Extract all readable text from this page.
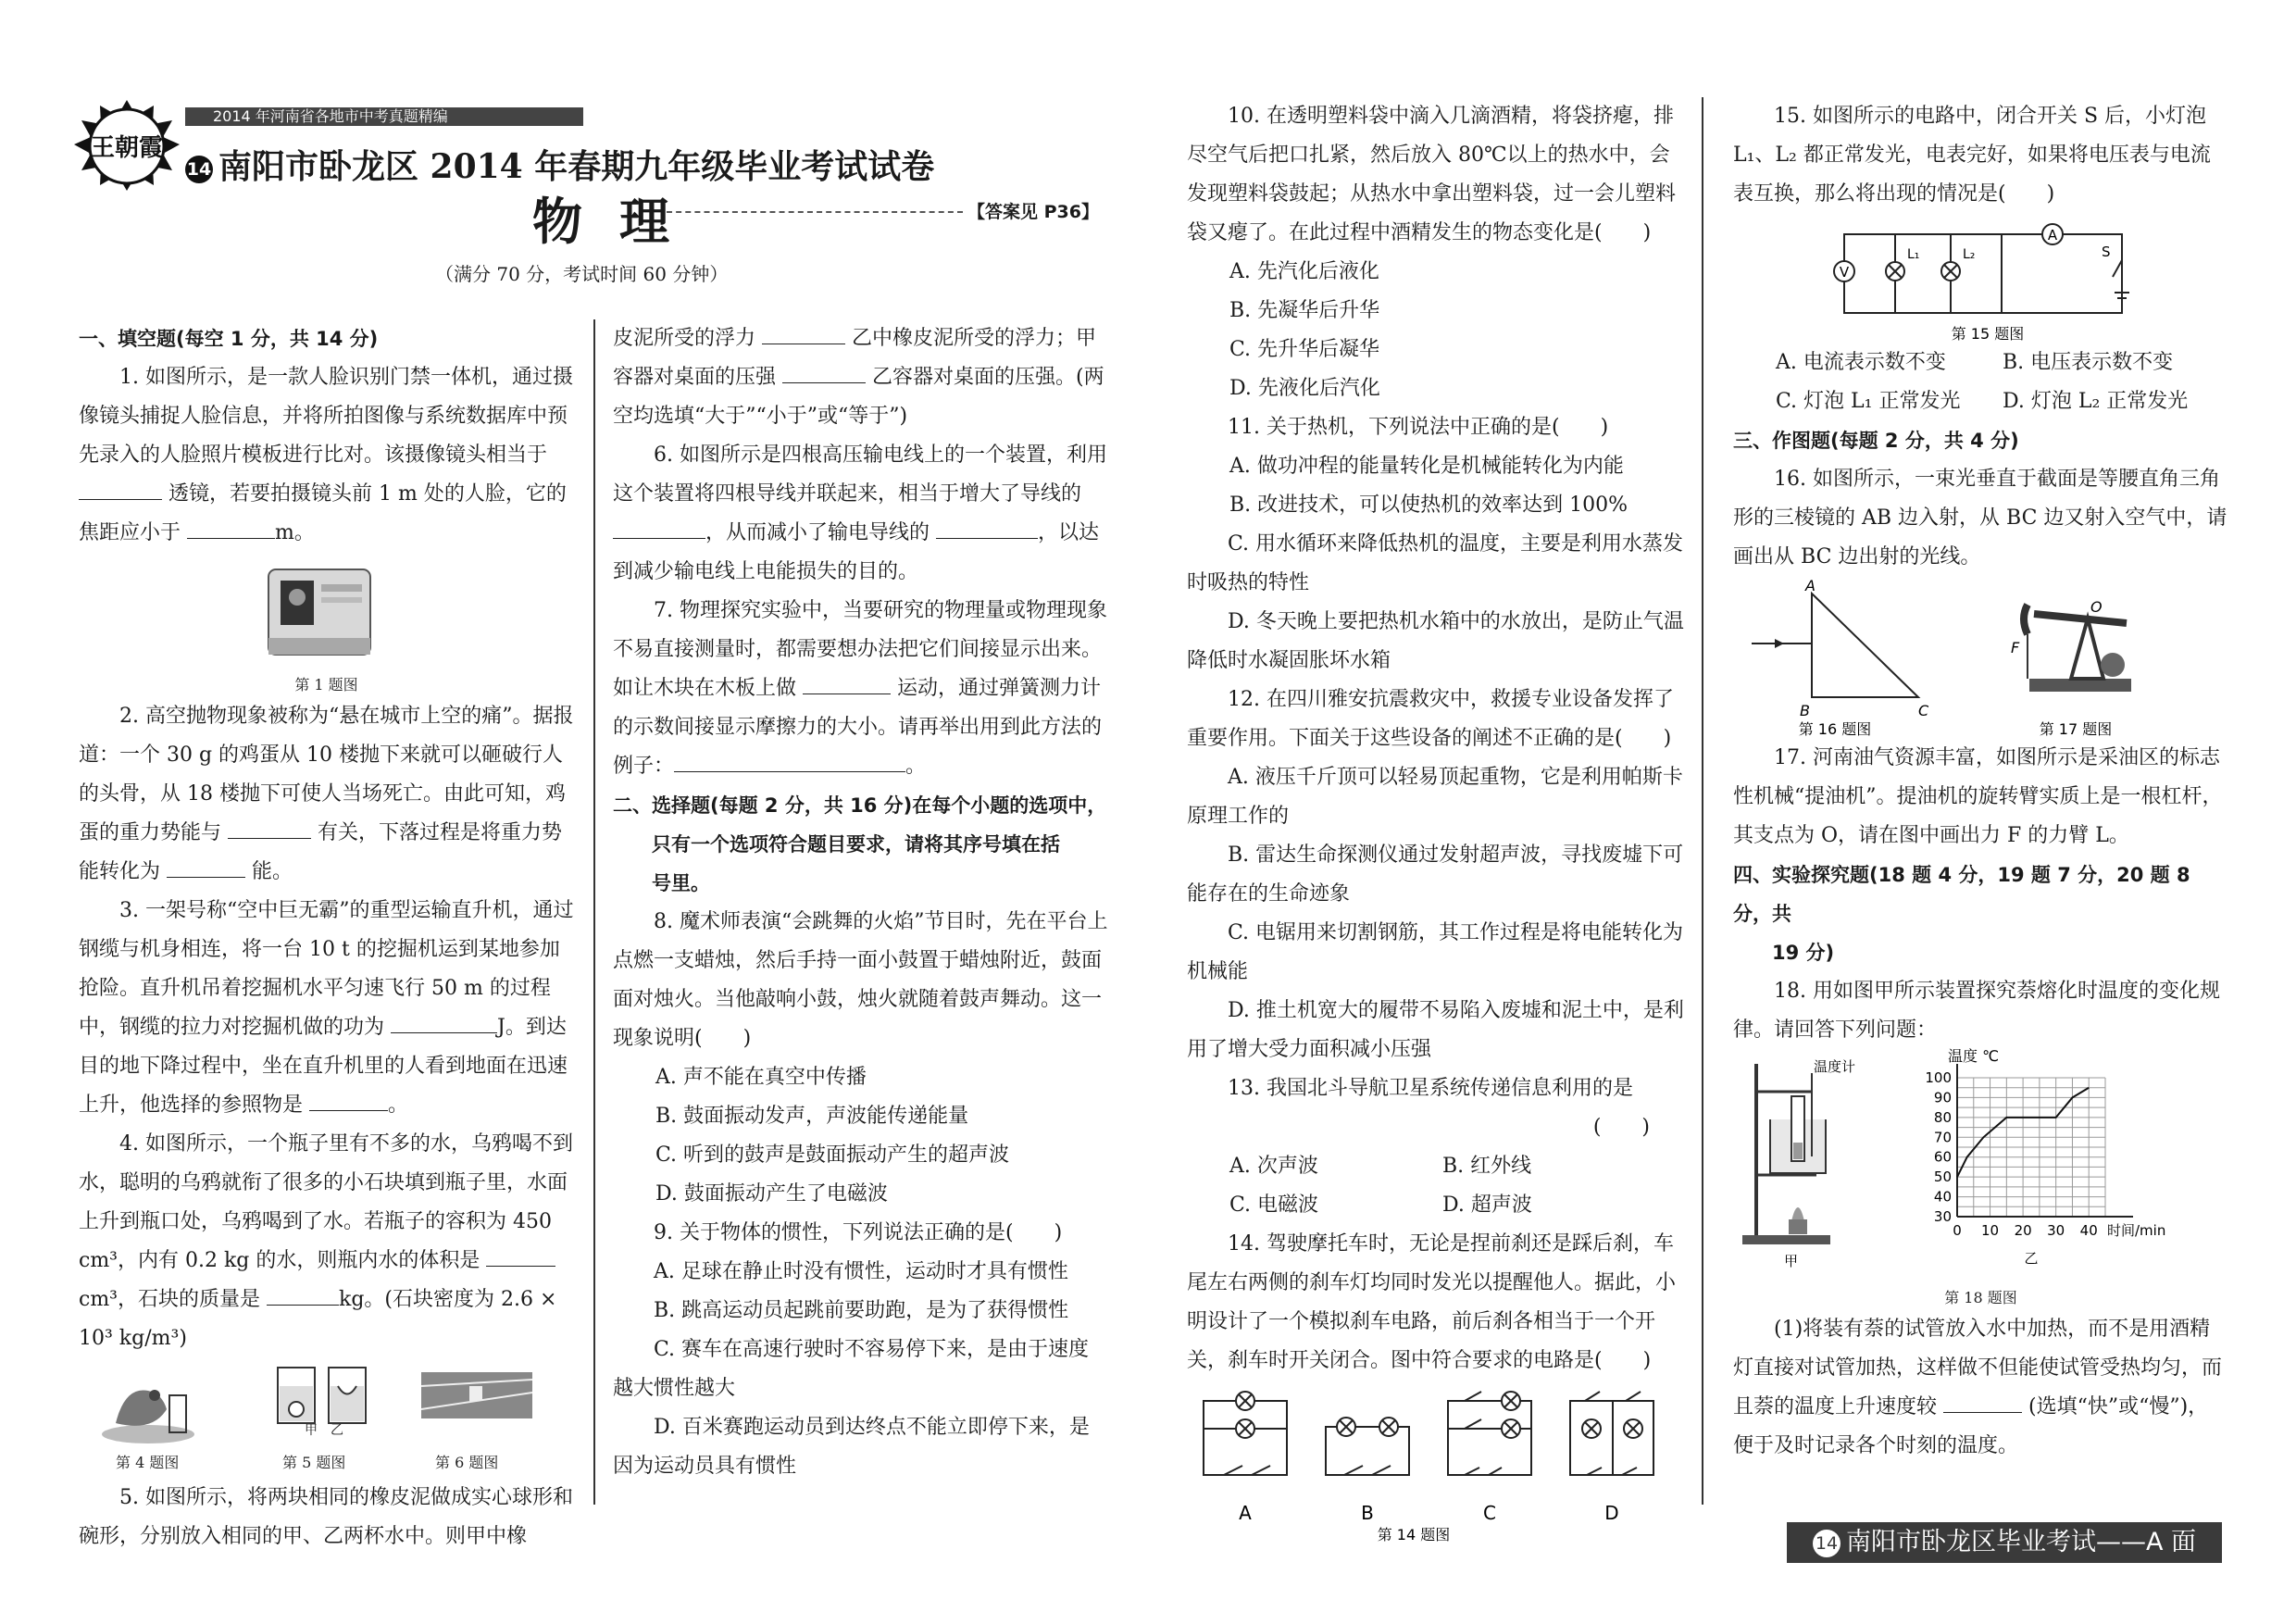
王朝霞
2014 年河南省各地市中考真题精编
14 南阳市卧龙区 2014 年春期九年级毕业考试试卷
物理	【答案见 P36】
（满分 70 分，考试时间 60 分钟）

一、填空题(每空 1 分，共 14 分)

1. 如图所示，是一款人脸识别门禁一体机，通过摄像镜头捕捉人脸信息，并将所拍图像与系统数据库中预先录入的人脸照片模板进行比对。该摄像镜头相当于  透镜，若要拍摄镜头前 1 m 处的人脸，它的焦距应小于	m。

第 1 题图

2. 高空抛物现象被称为“悬在城市上空的痛”。据报道：一个 30 g 的鸡蛋从 10 楼抛下来就可以砸破行人的头骨，从 18 楼抛下可使人当场死亡。由此可知，鸡蛋的重力势能与	有关，下落过程是将重力势能转化为	能。

3. 一架号称“空中巨无霸”的重型运输直升机，通过钢缆与机身相连，将一台 10 t 的挖掘机运到某地参加抢险。直升机吊着挖掘机水平匀速飞行 50 m 的过程中，钢缆的拉力对挖掘机做的功为	J。到达目的地下降过程中，坐在直升机里的人看到地面在迅速上升，他选择的参照物是	。

4. 如图所示，一个瓶子里有不多的水，乌鸦喝不到水，聪明的乌鸦就衔了很多的小石块填到瓶子里，水面上升到瓶口处，乌鸦喝到了水。若瓶子的容积为 450 cm³，内有 0.2 kg 的水，则瓶内水的体积是 cm³，石块的质量是	kg。(石块密度为 2.6 × 10³ kg/m³)

甲　 乙
第 4 题图	第 5 题图	第 6 题图

5. 如图所示，将两块相同的橡皮泥做成实心球形和碗形，分别放入相同的甲、乙两杯水中。则甲中橡

皮泥所受的浮力	乙中橡皮泥所受的浮力；甲容器对桌面的压强	乙容器对桌面的压强。(两空均选填“大于”“小于”或“等于”)

6. 如图所示是四根高压输电线上的一个装置，利用这个装置将四根导线并联起来，相当于增大了导线的 ，从而减小了输电导线的	，以达到减少输电线上电能损失的目的。

7. 物理探究实验中，当要研究的物理量或物理现象不易直接测量时，都需要想办法把它们间接显示出来。如让木块在木板上做	运动，通过弹簧测力计的示数间接显示摩擦力的大小。请再举出用到此方法的例子：	。

二、选择题(每题 2 分，共 16 分)在每个小题的选项中，

只有一个选项符合题目要求，请将其序号填在括

号里。

8. 魔术师表演“会跳舞的火焰”节目时，先在平台上点燃一支蜡烛，然后手持一面小鼓置于蜡烛附近，鼓面面对烛火。当他敲响小鼓，烛火就随着鼓声舞动。这一现象说明(　　)

A. 声不能在真空中传播

B. 鼓面振动发声，声波能传递能量

C. 听到的鼓声是鼓面振动产生的超声波

D. 鼓面振动产生了电磁波

9. 关于物体的惯性，下列说法正确的是(　　)

A. 足球在静止时没有惯性，运动时才具有惯性

B. 跳高运动员起跳前要助跑，是为了获得惯性

C. 赛车在高速行驶时不容易停下来，是由于速度越大惯性越大

D. 百米赛跑运动员到达终点不能立即停下来，是因为运动员具有惯性

10. 在透明塑料袋中滴入几滴酒精，将袋挤瘪，排尽空气后把口扎紧，然后放入 80℃以上的热水中，会发现塑料袋鼓起；从热水中拿出塑料袋，过一会儿塑料袋又瘪了。在此过程中酒精发生的物态变化是(　　)

A. 先汽化后液化

B. 先凝华后升华

C. 先升华后凝华

D. 先液化后汽化

11. 关于热机，下列说法中正确的是(　　)

A. 做功冲程的能量转化是机械能转化为内能

B. 改进技术，可以使热机的效率达到 100%

C. 用水循环来降低热机的温度，主要是利用水蒸发时吸热的特性

D. 冬天晚上要把热机水箱中的水放出，是防止气温降低时水凝固胀坏水箱

12. 在四川雅安抗震救灾中，救援专业设备发挥了重要作用。下面关于这些设备的阐述不正确的是(　　)

A. 液压千斤顶可以轻易顶起重物，它是利用帕斯卡原理工作的

B. 雷达生命探测仪通过发射超声波，寻找废墟下可能存在的生命迹象

C. 电锯用来切割钢筋，其工作过程是将电能转化为机械能

D. 推土机宽大的履带不易陷入废墟和泥土中，是利用了增大受力面积减小压强

13. 我国北斗导航卫星系统传递信息利用的是

(　　)

A. 次声波	B. 红外线

C. 电磁波	D. 超声波

14. 驾驶摩托车时，无论是捏前刹还是踩后刹，车尾左右两侧的刹车灯均同时发光以提醒他人。据此，小明设计了一个模拟刹车电路，前后刹各相当于一个开关，刹车时开关闭合。图中符合要求的电路是(　　)

A	B	C	D
第 14 题图

15. 如图所示的电路中，闭合开关 S 后，小灯泡 L₁、L₂ 都正常发光，电表完好，如果将电压表与电流表互换，那么将出现的情况是(　　)

V
A
L₁	L₂	S
第 15 题图

A. 电流表示数不变	B. 电压表示数不变

C. 灯泡 L₁ 正常发光	D. 灯泡 L₂ 正常发光

三、作图题(每题 2 分，共 4 分)

16. 如图所示，一束光垂直于截面是等腰直角三角形的三棱镜的 AB 边入射，从 BC 边又射入空气中，请画出从 BC 边出射的光线。

A
B	C
第 16 题图
O
F
第 17 题图

17. 河南油气资源丰富，如图所示是采油区的标志性机械“提油机”。提油机的旋转臂实质上是一根杠杆，其支点为 O，请在图中画出力 F 的力臂 L。

四、实验探究题(18 题 4 分，19 题 7 分，20 题 8 分，共

19 分)

18. 用如图甲所示装置探究萘熔化时温度的变化规律。请回答下列问题：

温度计
甲
0 10 20 30 40
30
40
50
60
70
80
90
100
温度 ℃
时间/min
乙

第 18 题图

(1)将装有萘的试管放入水中加热，而不是用酒精灯直接对试管加热，这样做不但能使试管受热均匀，而且萘的温度上升速度较	(选填“快”或“慢”)，便于及时记录各个时刻的温度。

14 南阳市卧龙区毕业考试——A 面
